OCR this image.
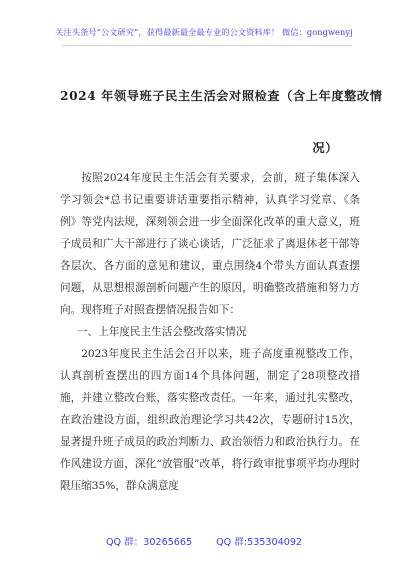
关注头条号“公文研究”，获得最新最全最专业的公文资料库！ 微信：gongwenyj
2024 年领导班子民主生活会对照检查（含上年度整改情
况）

按照2024年度民主生活会有关要求，会前，班子集体深入学习领会*总书记重要讲话重要指示精神，认真学习党章、《条例》等党内法规，深刻领会进一步全面深化改革的重大意义，班子成员和广大干部进行了谈心谈话，广泛征求了离退休老干部等各层次、各方面的意见和建议，重点围绕4个带头方面认真查摆问题，从思想根源剖析问题产生的原因，明确整改措施和努力方向。现将班子对照查摆情况报告如下：

一、上年度民主生活会整改落实情况

2023年度民主生活会召开以来，班子高度重视整改工作，认真剖析查摆出的四方面14个具体问题，制定了28项整改措施，并建立整改台账，落实整改责任。一年来，通过扎实整改，在政治建设方面，组织政治理论学习共42次，专题研讨15次，显著提升班子成员的政治判断力、政治领悟力和政治执行力。在作风建设方面，深化“放管服”改革，将行政审批事项平均办理时限压缩35%，群众满意度

QQ 群：30265665	QQ 群:535304092
